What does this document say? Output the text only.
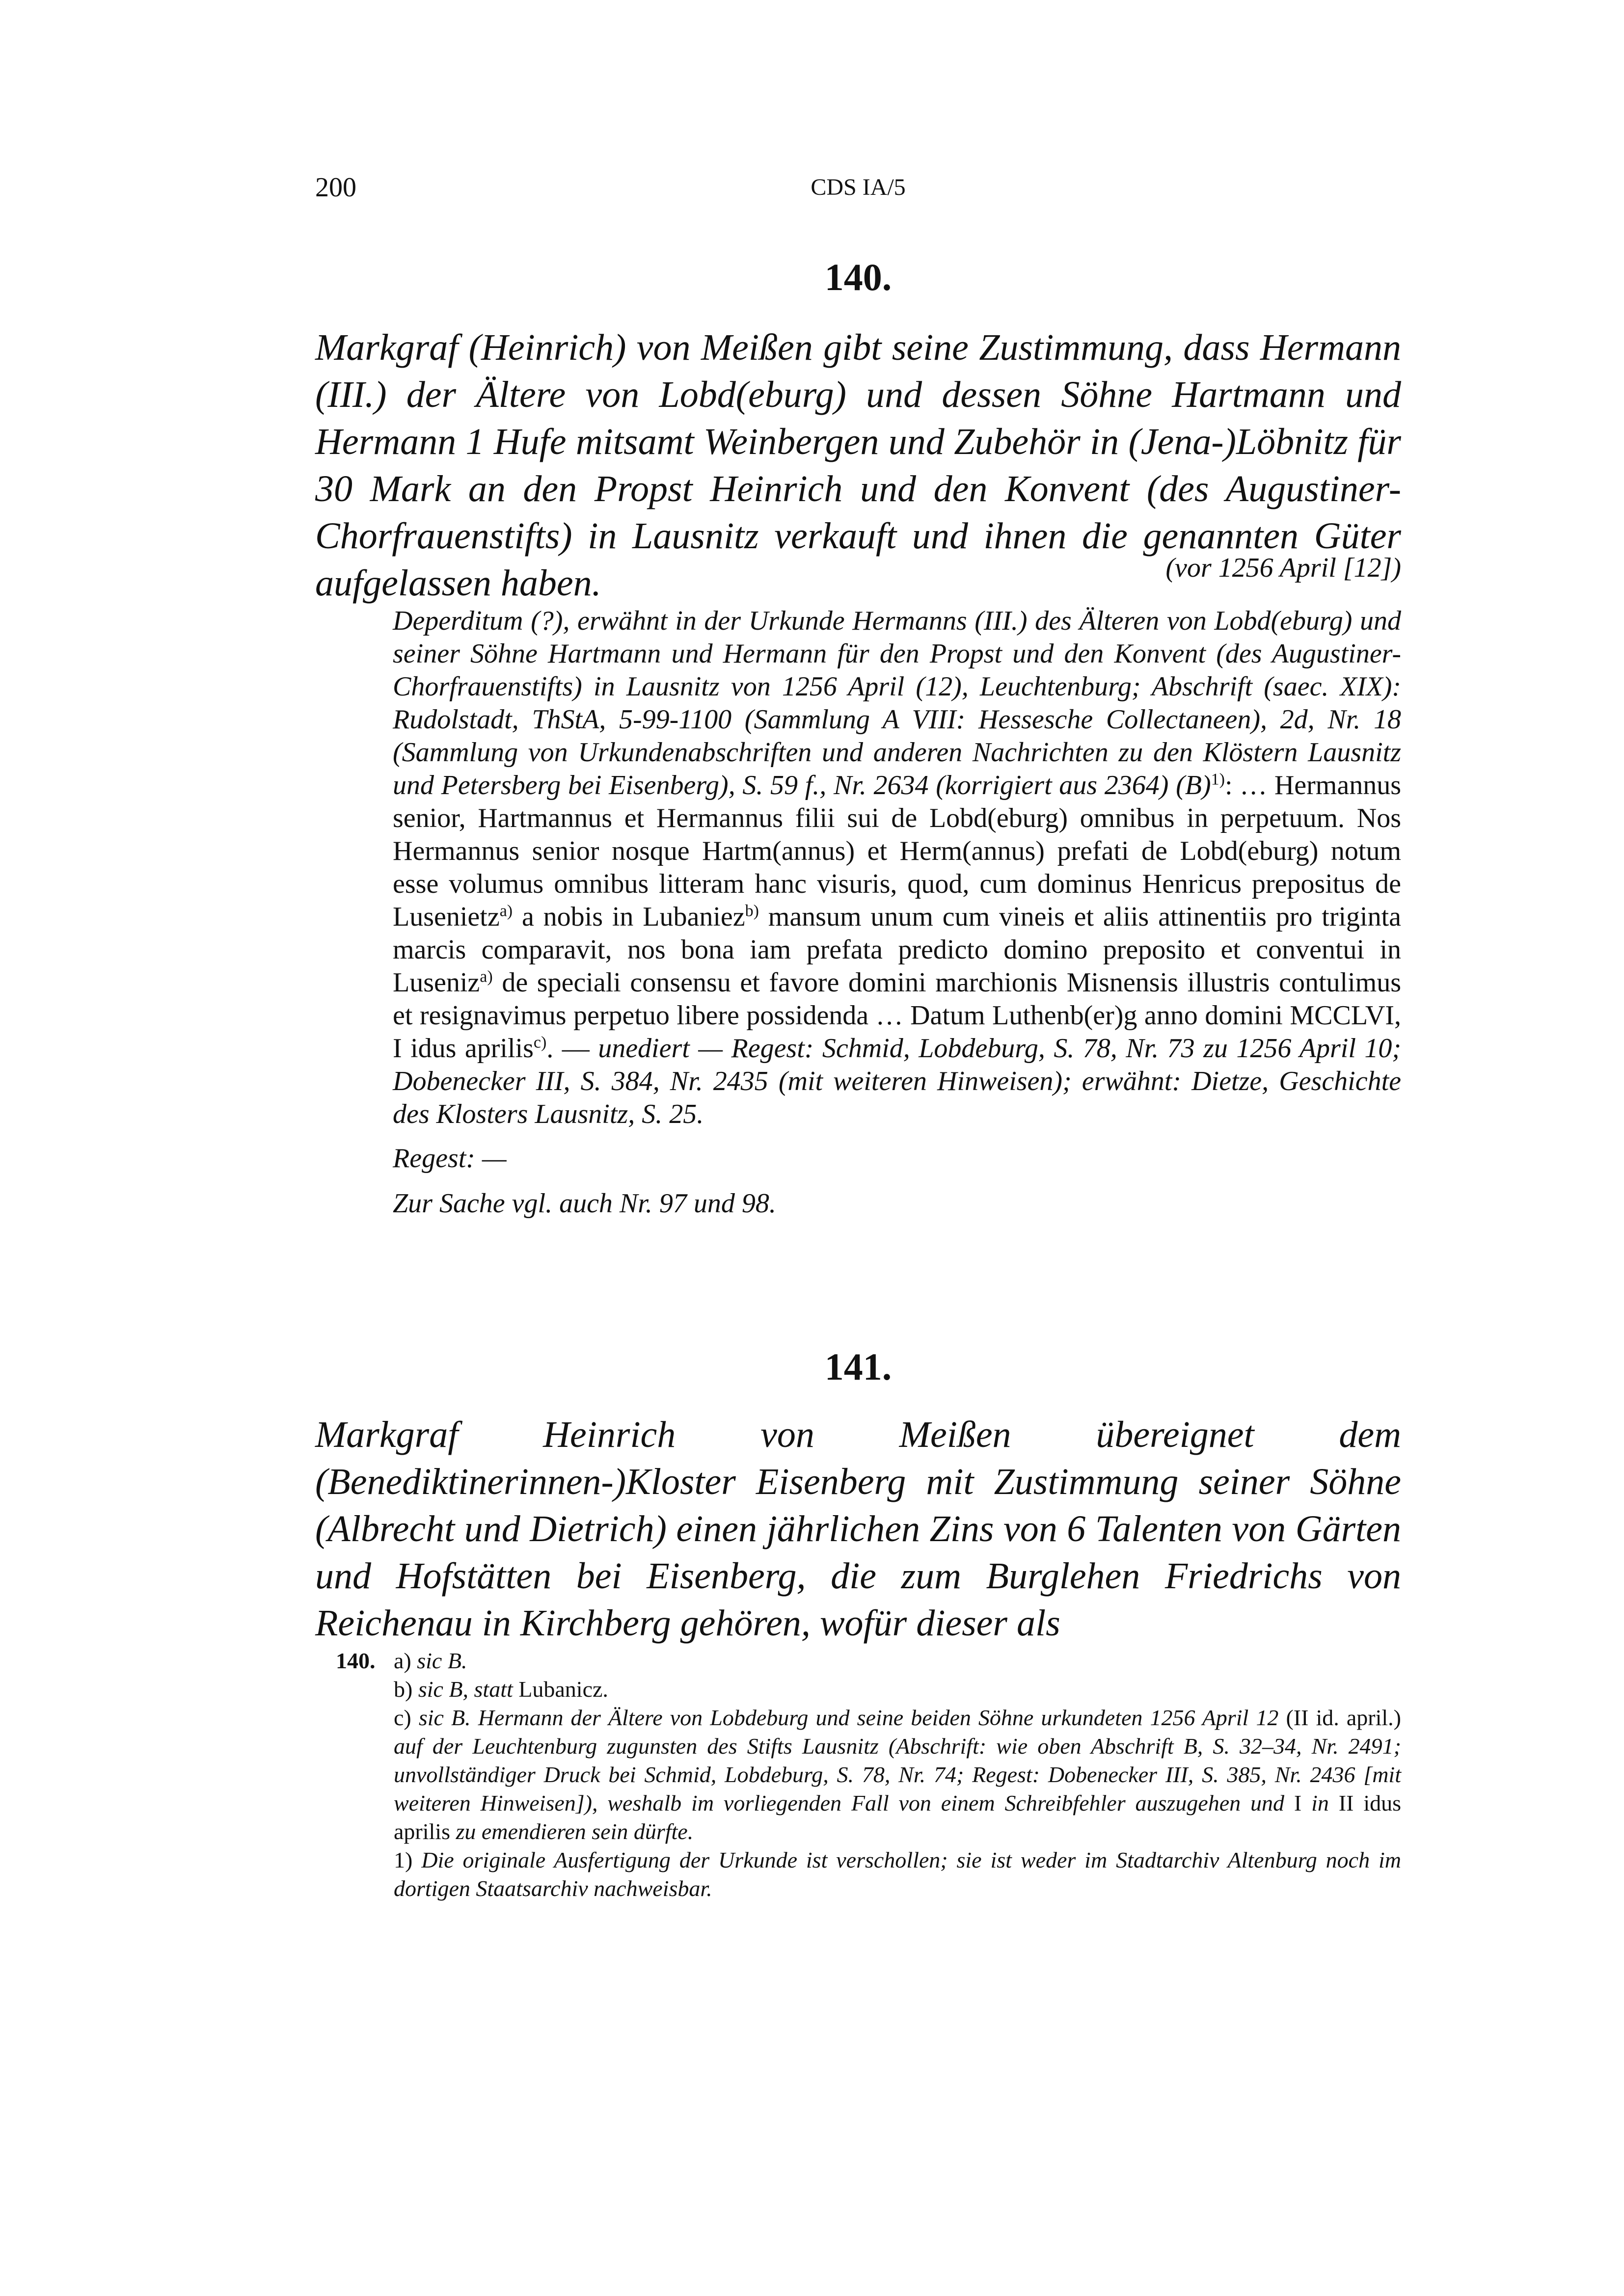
200	CDS IA/5
140.
Markgraf (Heinrich) von Meißen gibt seine Zustimmung, dass Hermann (III.) der Ältere von Lobd(eburg) und dessen Söhne Hartmann und Hermann 1 Hufe mitsamt Weinbergen und Zubehör in (Jena-)Löbnitz für 30 Mark an den Propst Heinrich und den Konvent (des Augustiner-Chorfrauenstifts) in Lausnitz verkauft und ihnen die genannten Güter aufgelassen haben.	(vor 1256 April [12])
Deperditum (?), erwähnt in der Urkunde Hermanns (III.) des Älteren von Lobd(eburg) und seiner Söhne Hartmann und Hermann für den Propst und den Konvent (des Augustiner-Chorfrauenstifts) in Lausnitz von 1256 April (12), Leuchtenburg; Abschrift (saec. XIX): Rudolstadt, ThStA, 5-99-1100 (Sammlung A VIII: Hessesche Collectaneen), 2d, Nr. 18 (Sammlung von Urkundenabschriften und anderen Nachrichten zu den Klöstern Lausnitz und Petersberg bei Eisenberg), S. 59 f., Nr. 2634 (korrigiert aus 2364) $(B)^{1)}$: … Hermannus senior, Hartmannus et Hermannus filii sui de Lobd(eburg) omnibus in perpetuum. Nos Hermannus senior nosque Hartm(annus) et Herm(annus) prefati de Lobd(eburg) notum esse volumus omnibus litteram hanc visuris, quod, cum dominus Henricus prepositus de Lusenietz$^{a)}$ a nobis in Lubaniez$^{b)}$ mansum unum cum vineis et aliis attinentiis pro triginta marcis comparavit, nos bona iam prefata predicto domino preposito et conventui in Luseniz$^{a)}$ de speciali consensu et favore domini marchionis Misnensis illustris contulimus et resignavimus perpetuo libere possidenda … Datum Luthenb(er)g anno domini MCCLVI, I idus aprilis$^{c)}$. — unediert — Regest: Schmid, Lobdeburg, S. 78, Nr. 73 zu 1256 April 10; Dobenecker III, S. 384, Nr. 2435 (mit weiteren Hinweisen); erwähnt: Dietze, Geschichte des Klosters Lausnitz, S. 25.
Regest: —
Zur Sache vgl. auch Nr. 97 und 98.
141.
Markgraf Heinrich von Meißen übereignet dem (Benediktinerinnen-)Kloster Eisenberg mit Zustimmung seiner Söhne (Albrecht und Dietrich) einen jährlichen Zins von 6 Talenten von Gärten und Hofstätten bei Eisenberg, die zum Burglehen Friedrichs von Reichenau in Kirchberg gehören, wofür dieser als
140. a) sic B.
b) sic B, statt Lubanicz.
c) sic B. Hermann der Ältere von Lobdeburg und seine beiden Söhne urkundeten 1256 April 12 (II id. april.) auf der Leuchtenburg zugunsten des Stifts Lausnitz (Abschrift: wie oben Abschrift B, S. 32–34, Nr. 2491; unvollständiger Druck bei Schmid, Lobdeburg, S. 78, Nr. 74; Regest: Dobenecker III, S. 385, Nr. 2436 [mit weiteren Hinweisen]), weshalb im vorliegenden Fall von einem Schreibfehler auszugehen und I in II idus aprilis zu emendieren sein dürfte.
1) Die originale Ausfertigung der Urkunde ist verschollen; sie ist weder im Stadtarchiv Altenburg noch im dortigen Staatsarchiv nachweisbar.
